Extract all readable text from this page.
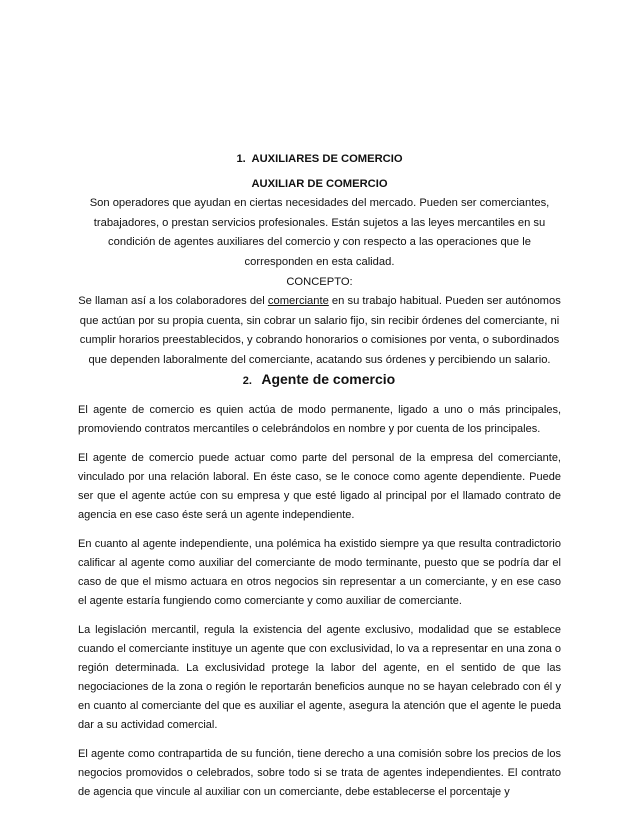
1. AUXILIARES DE COMERCIO

AUXILIAR DE COMERCIO

Son operadores que ayudan en ciertas necesidades del mercado. Pueden ser comerciantes, trabajadores, o prestan servicios profesionales. Están sujetos a las leyes mercantiles en su condición de agentes auxiliares del comercio y con respecto a las operaciones que le corresponden en esta calidad.

CONCEPTO:

Se llaman así a los colaboradores del comerciante en su trabajo habitual. Pueden ser autónomos que actúan por su propia cuenta, sin cobrar un salario fijo, sin recibir órdenes del comerciante, ni cumplir horarios preestablecidos, y cobrando honorarios o comisiones por venta, o subordinados que dependen laboralmente del comerciante, acatando sus órdenes y percibiendo un salario.

2. Agente de comercio

El agente de comercio es quien actúa de modo permanente, ligado a uno o más principales, promoviendo contratos mercantiles o celebrándolos en nombre y por cuenta de los principales.

El agente de comercio puede actuar como parte del personal de la empresa del comerciante, vinculado por una relación laboral. En éste caso, se le conoce como agente dependiente. Puede ser que el agente actúe con su empresa y que esté ligado al principal por el llamado contrato de agencia en ese caso éste será un agente independiente.

En cuanto al agente independiente, una polémica ha existido siempre ya que resulta contradictorio calificar al agente como auxiliar del comerciante de modo terminante, puesto que se podría dar el caso de que el mismo actuara en otros negocios sin representar a un comerciante, y en ese caso el agente estaría fungiendo como comerciante y como auxiliar de comerciante.

La legislación mercantil, regula la existencia del agente exclusivo, modalidad que se establece cuando el comerciante instituye un agente que con exclusividad, lo va a representar en una zona o región determinada. La exclusividad protege la labor del agente, en el sentido de que las negociaciones de la zona o región le reportarán beneficios aunque no se hayan celebrado con él y en cuanto al comerciante del que es auxiliar el agente, asegura la atención que el agente le pueda dar a su actividad comercial.

El agente como contrapartida de su función, tiene derecho a una comisión sobre los precios de los negocios promovidos o celebrados, sobre todo si se trata de agentes independientes. El contrato de agencia que vincule al auxiliar con un comerciante, debe establecerse el porcentaje y
